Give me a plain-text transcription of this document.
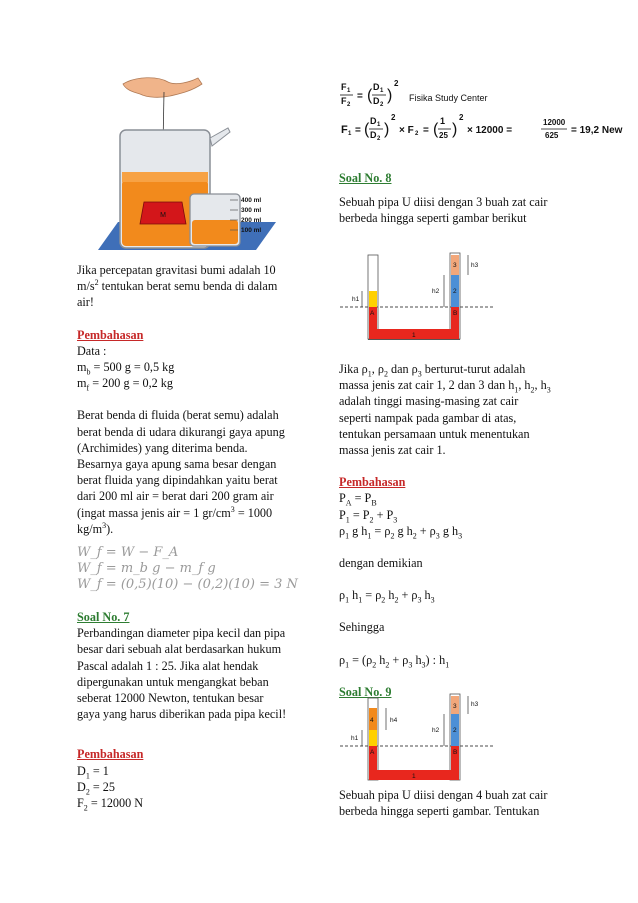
M
400 ml
300 ml
200 ml
100 ml
F 1
F 2
= ( D 1
D 2
)
2
Fisika Study Center
F 1 = ( D 1
D 2
)
2
× F 2 = ( 1
25 )
2
× 12000 =
12000
625 = 19,2 New

Jika percepatan gravitasi bumi adalah 10

$m/s^2$ tentukan berat semu benda di dalam

air!

Pembahasan

Data :

$m_b = 500$ g = 0,5 kg

$m_f = 200$ g = 0,2 kg

Berat benda di fluida (berat semu) adalah

berat benda di udara dikurangi gaya apung

(Archimides) yang diterima benda.

Besarnya gaya apung sama besar dengan

berat fluida yang dipindahkan yaitu berat

dari 200 ml air = berat dari 200 gram air

(ingat massa jenis air = 1 $gr/cm^3 = 1000$

$kg/m^3$).

W_f = W − F_A

W_f = m_b g − m_f g

W_f = (0,5)(10) − (0,2)(10) = 3 N

Soal No. 7

Perbandingan diameter pipa kecil dan pipa

besar dari sebuah alat berdasarkan hukum

Pascal adalah 1 : 25. Jika alat hendak

dipergunakan untuk mengangkat beban

seberat 12000 Newton, tentukan besar

gaya yang harus diberikan pada pipa kecil!

Pembahasan

$D_1 = 1$

$D_2 = 25$

$F_2 = 12000$ N

Soal No. 8

Sebuah pipa U diisi dengan 3 buah zat cair

berbeda hingga seperti gambar berikut

h1
h2
h3
A	B
1
2
3

Jika $\rho_1$, $\rho_2$ dan $\rho_3$ berturut-turut adalah

massa jenis zat cair 1, 2 dan 3 dan $h_1$, $h_2$, $h_3$

adalah tinggi masing-masing zat cair

seperti nampak pada gambar di atas,

tentukan persamaan untuk menentukan

massa jenis zat cair 1.

Pembahasan

$P_A = P_B$

$P_1 = P_2 + P_3$

$\rho_1$ g $h_1 = \rho_2$ g $h_2 + \rho_3$ g $h_3$

dengan demikian

$\rho_1$ $h_1 = \rho_2$ $h_2 + \rho_3$ $h_3$

Sehingga

$\rho_1 = (\rho_2$ $h_2 + \rho_3$ $h_3$) : $h_1$

Soal No. 9

h1
h2
h3
h4
A	B
1
2
3
4

Sebuah pipa U diisi dengan 4 buah zat cair

berbeda hingga seperti gambar. Tentukan
